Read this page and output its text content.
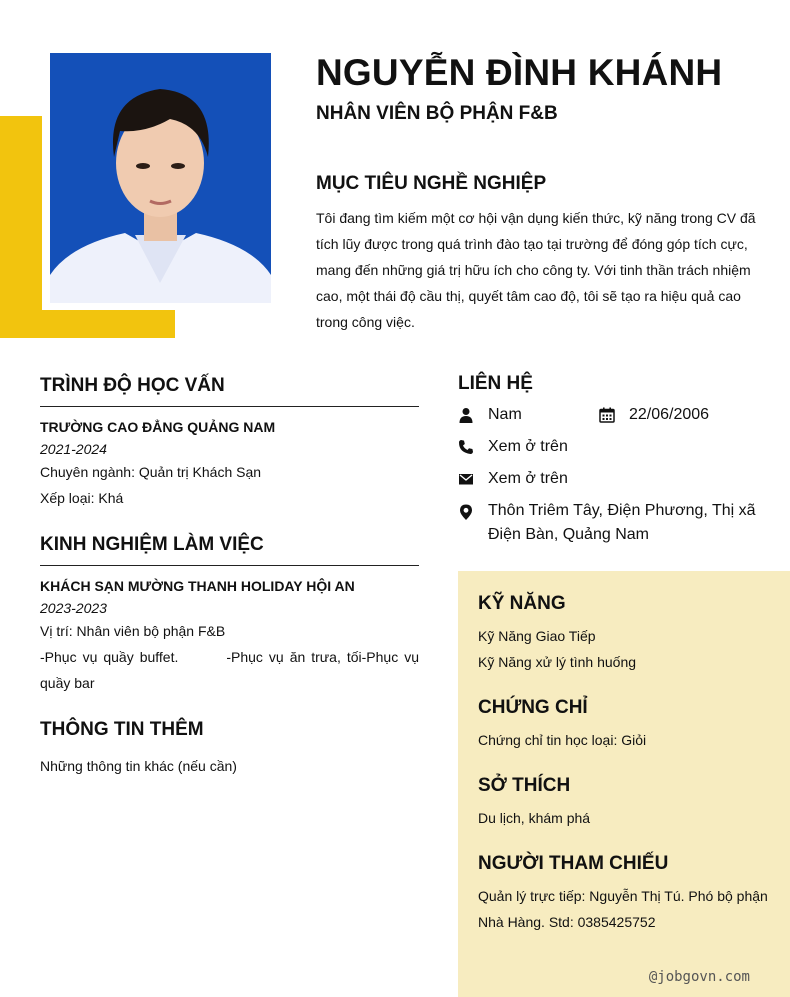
NGUYỄN ĐÌNH KHÁNH
NHÂN VIÊN BỘ PHẬN F&B
MỤC TIÊU NGHỀ NGHIỆP

Tôi đang tìm kiếm một cơ hội vận dụng kiến thức, kỹ năng trong CV đã tích lũy được trong quá trình đào tạo tại trường để đóng góp tích cực, mang đến những giá trị hữu ích cho công ty. Với tinh thần trách nhiệm cao, một thái độ cầu thị, quyết tâm cao độ, tôi sẽ tạo ra hiệu quả cao trong công việc.

TRÌNH ĐỘ HỌC VẤN

TRƯỜNG CAO ĐẲNG QUẢNG NAM

2021-2024

Chuyên ngành: Quản trị Khách Sạn

Xếp loại: Khá

KINH NGHIỆM LÀM VIỆC

KHÁCH SẠN MƯỜNG THANH HOLIDAY HỘI AN

2023-2023

Vị trí: Nhân viên bộ phận F&B

-Phục vụ quầy buffet.        -Phục vụ ăn trưa, tối-Phục vụ quầy bar

THÔNG TIN THÊM

Những thông tin khác (nếu cần)

LIÊN HỆ
Nam	22/06/2006
Xem ở trên
Xem ở trên
Thôn Triêm Tây, Điện Phương, Thị xã Điện Bàn, Quảng Nam
KỸ NĂNG

Kỹ Năng Giao Tiếp

Kỹ Năng xử lý tình huống

CHỨNG CHỈ

Chứng chỉ tin học loại: Giỏi

SỞ THÍCH

Du lịch, khám phá

NGƯỜI THAM CHIẾU

Quản lý trực tiếp: Nguyễn Thị Tú. Phó bộ phận Nhà Hàng. Std: 0385425752

@jobgovn.com
